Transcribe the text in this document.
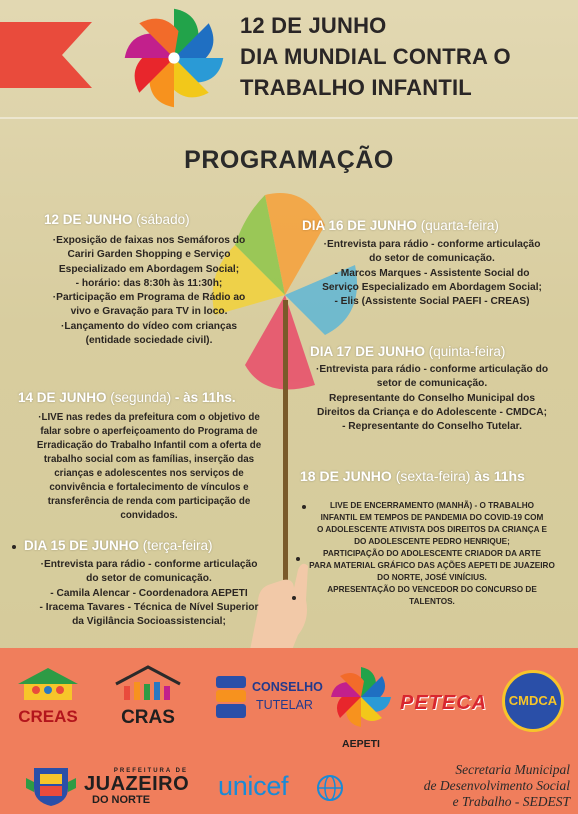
12 DE JUNHO
DIA MUNDIAL CONTRA O
TRABALHO INFANTIL
PROGRAMAÇÃO
12 DE JUNHO (sábado)
·Exposição de faixas nos Semáforos do
Cariri Garden Shopping e Serviço
Especializado em Abordagem Social;
- horário: das 8:30h às 11:30h;
·Participação em Programa de Rádio ao
vivo e Gravação para TV in loco.
·Lançamento do vídeo com crianças
(entidade sociedade civil).
14 DE JUNHO (segunda) - às 11hs.
·LIVE nas redes da prefeitura com o objetivo de
falar sobre o aperfeiçoamento do Programa de
Erradicação do Trabalho Infantil com a oferta de
trabalho social com as famílias, inserção das
crianças e adolescentes nos serviços de
convivência e fortalecimento de vínculos e
transferência de renda com participação de
convidados.
DIA 15 DE JUNHO (terça-feira)
·Entrevista para rádio - conforme articulação
do setor de comunicação.
- Camila Alencar - Coordenadora AEPETI
- Iracema Tavares - Técnica de Nível Superior
da Vigilância Socioassistencial;
DIA 16 DE JUNHO (quarta-feira)
·Entrevista para rádio - conforme articulação
do setor de comunicação.
- Marcos Marques - Assistente Social do
Serviço Especializado em Abordagem Social;
- Elis (Assistente Social PAEFI - CREAS)
DIA 17 DE JUNHO (quinta-feira)
·Entrevista para rádio - conforme articulação do
setor de comunicação.
Representante do Conselho Municipal dos
Direitos da Criança e do Adolescente - CMDCA;
- Representante do Conselho Tutelar.
18 DE JUNHO (sexta-feira) às 11hs
LIVE DE ENCERRAMENTO (MANHÃ) - O TRABALHO
INFANTIL EM TEMPOS DE PANDEMIA DO COVID-19 COM
O ADOLESCENTE ATIVISTA DOS DIREITOS DA CRIANÇA E
DO ADOLESCENTE PEDRO HENRIQUE;
PARTICIPAÇÃO DO ADOLESCENTE CRIADOR DA ARTE
PARA MATERIAL GRÁFICO DAS AÇÕES AEPETI DE JUAZEIRO
DO NORTE, JOSÉ VINÍCIUS.
APRESENTAÇÃO DO VENCEDOR DO CONCURSO DE
TALENTOS.
CREAS	CRAS
CONSELHO
TUTELAR
AEPETI
PETECA CMDCA
PREFEITURA DE
JUAZEIRO
DO NORTE	unicef
Secretaria Municipal
de Desenvolvimento Social
e Trabalho - SEDEST
